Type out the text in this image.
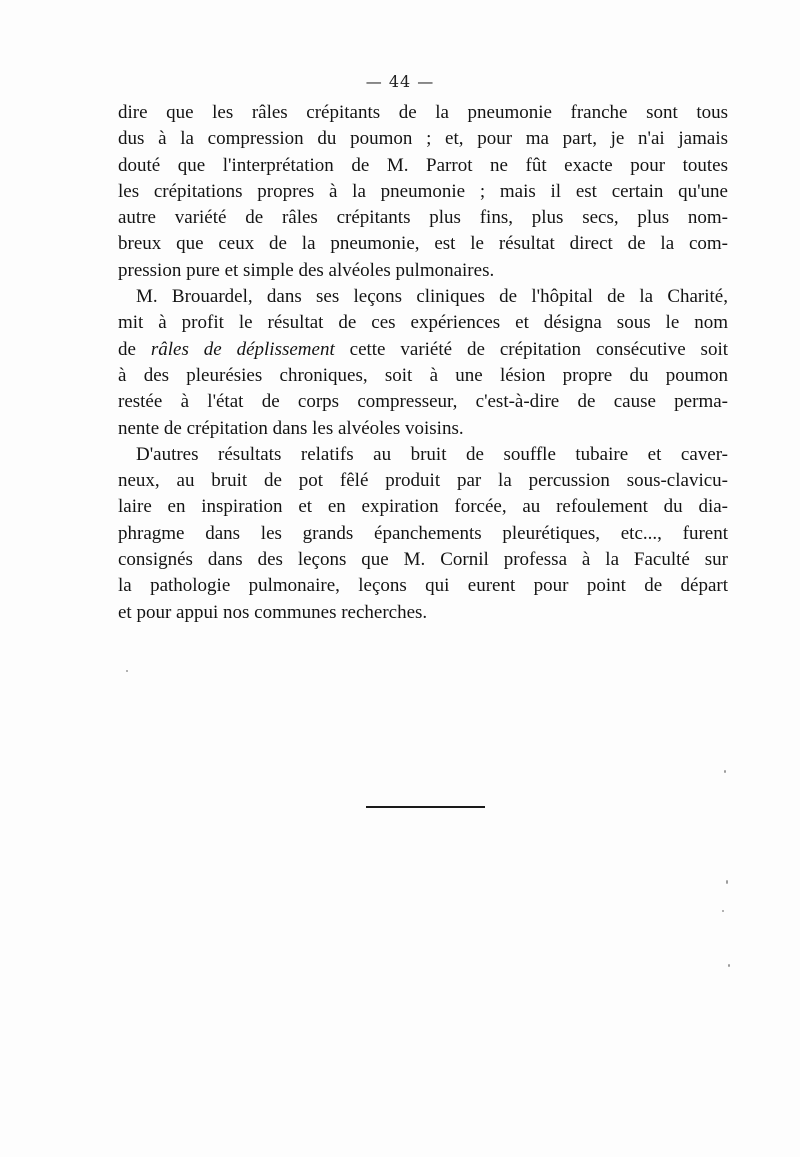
— 44 —
dire que les râles crépitants de la pneumonie franche sont tous
dus à la compression du poumon ; et, pour ma part, je n'ai jamais
douté que l'interprétation de M. Parrot ne fût exacte pour toutes
les crépitations propres à la pneumonie ; mais il est certain qu'une
autre variété de râles crépitants plus fins, plus secs, plus nom-
breux que ceux de la pneumonie, est le résultat direct de la com-
pression pure et simple des alvéoles pulmonaires.
M. Brouardel, dans ses leçons cliniques de l'hôpital de la Charité,
mit à profit le résultat de ces expériences et désigna sous le nom
de râles de déplissement cette variété de crépitation consécutive soit
à des pleurésies chroniques, soit à une lésion propre du poumon
restée à l'état de corps compresseur, c'est-à-dire de cause perma-
nente de crépitation dans les alvéoles voisins.
D'autres résultats relatifs au bruit de souffle tubaire et caver-
neux, au bruit de pot fêlé produit par la percussion sous-clavicu-
laire en inspiration et en expiration forcée, au refoulement du dia-
phragme dans les grands épanchements pleurétiques, etc..., furent
consignés dans des leçons que M. Cornil professa à la Faculté sur
la pathologie pulmonaire, leçons qui eurent pour point de départ
et pour appui nos communes recherches.
